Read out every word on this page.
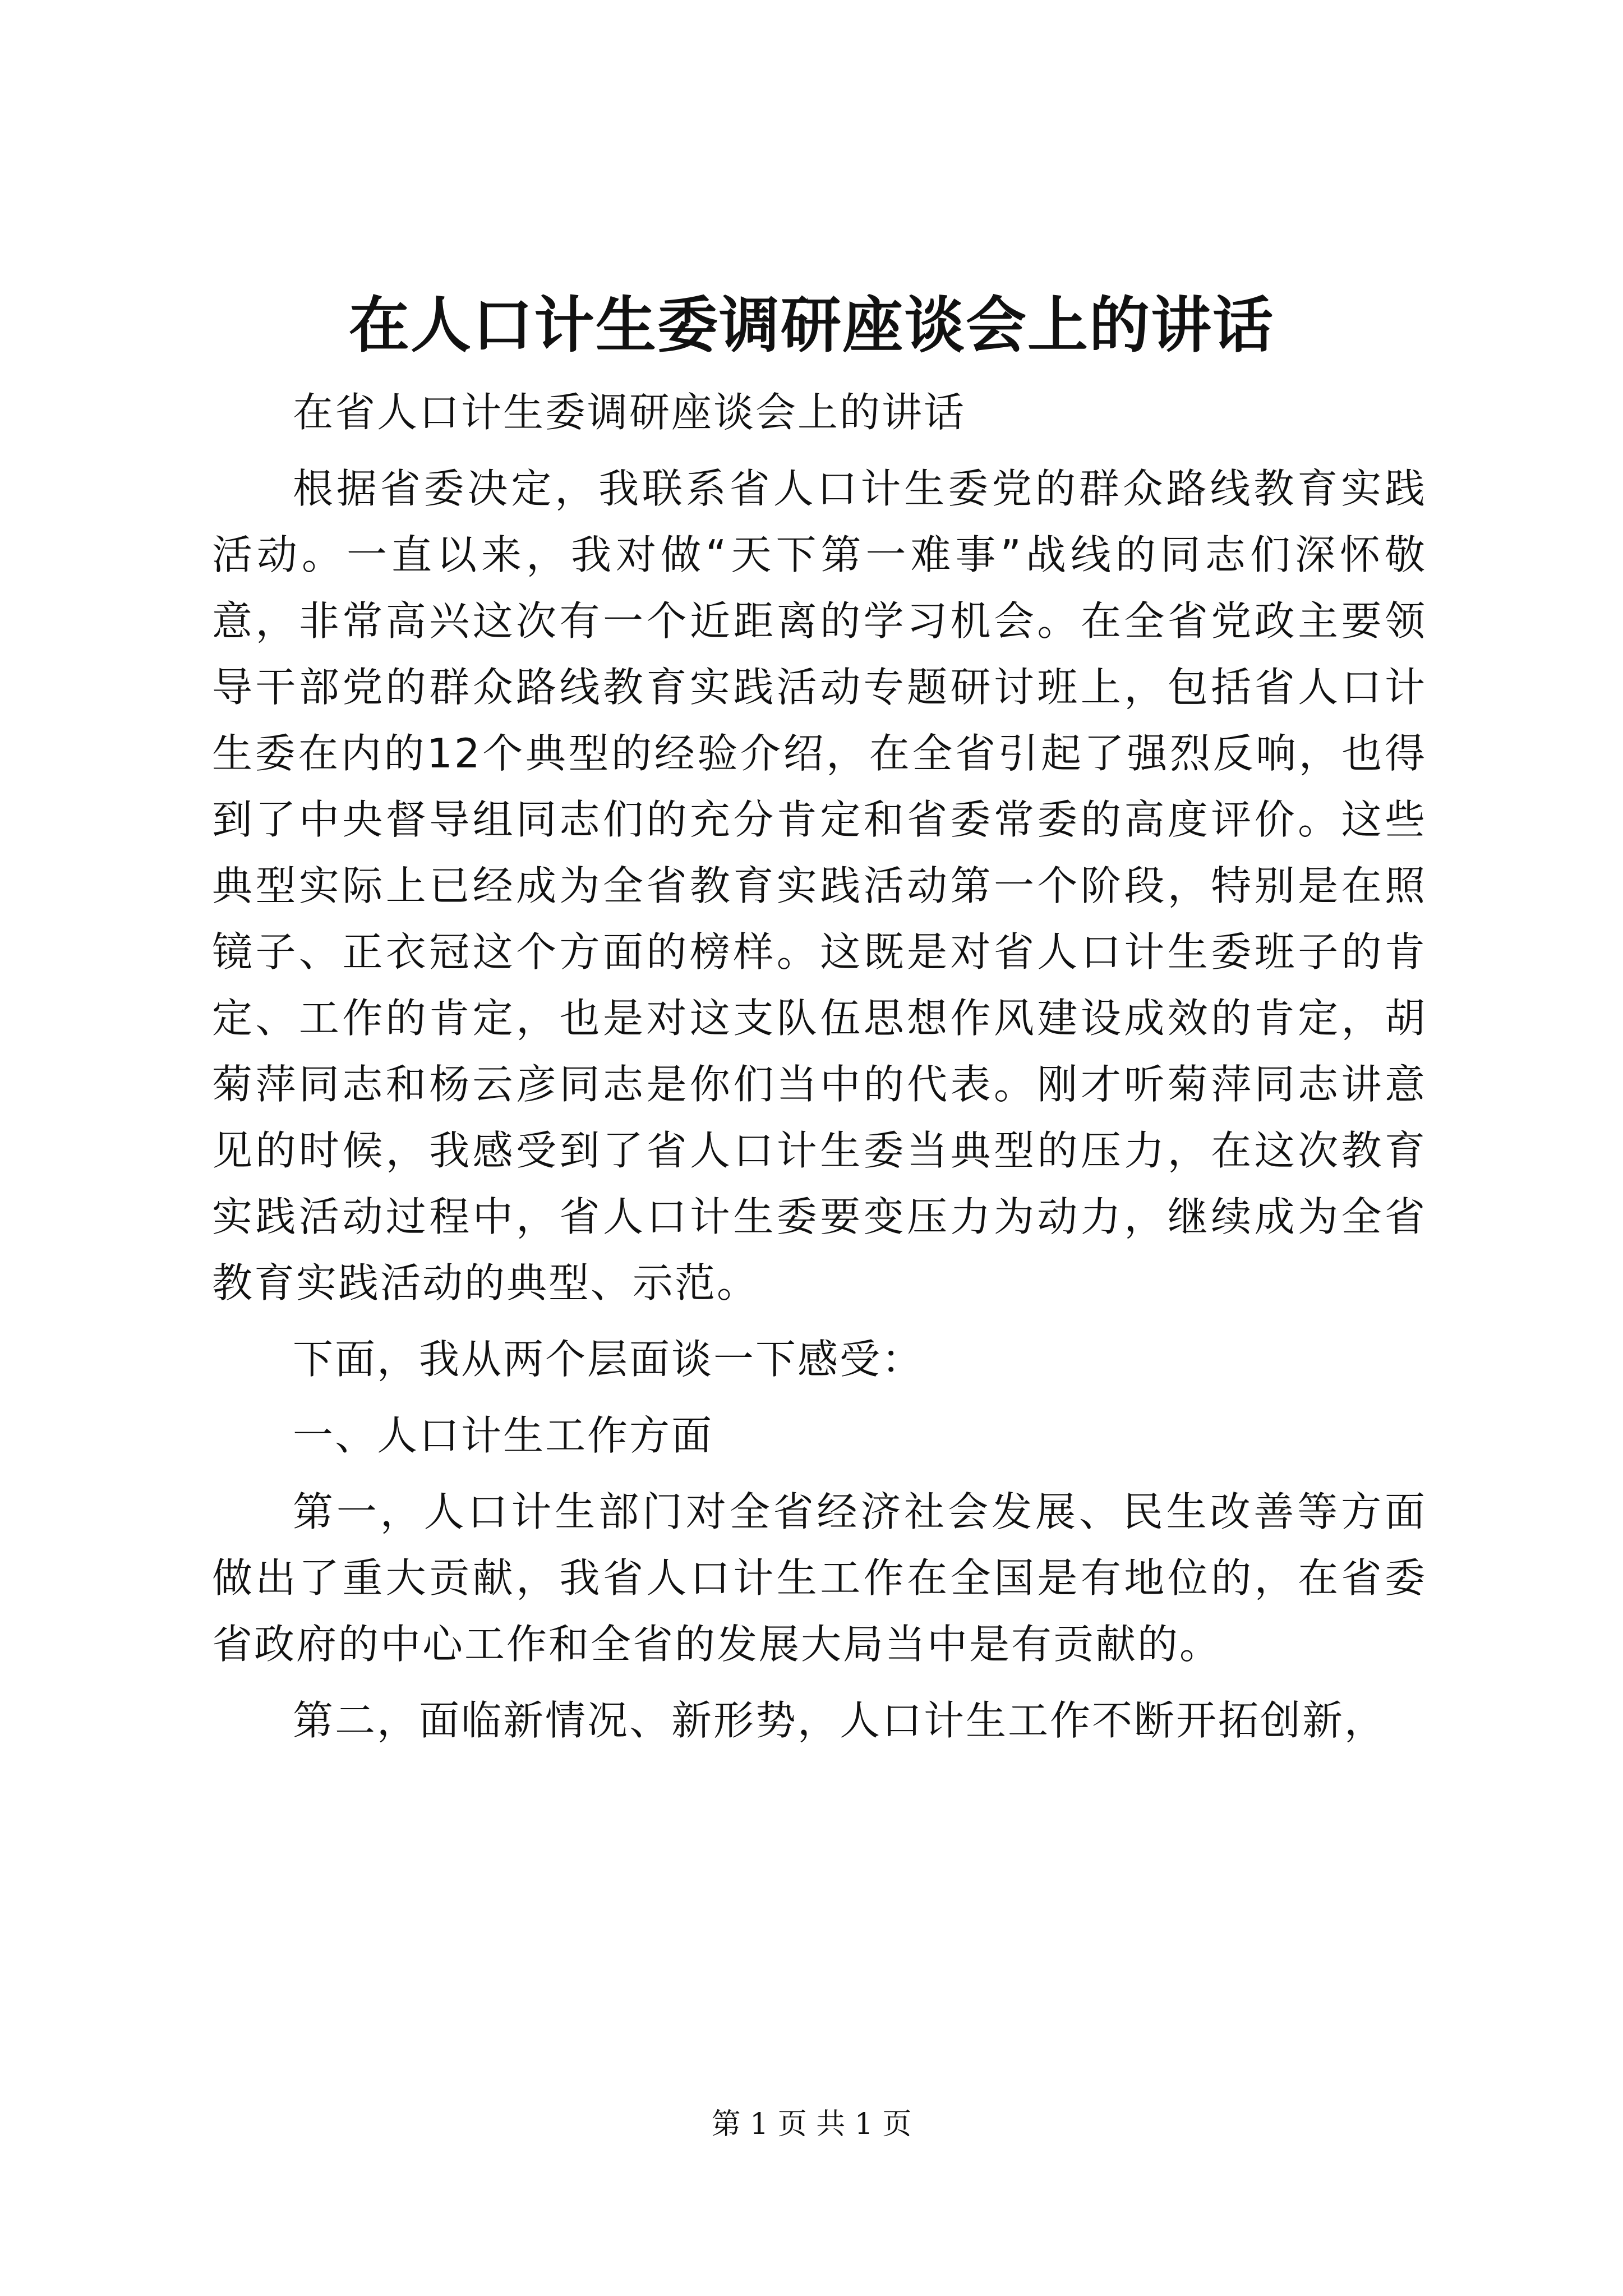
在人口计生委调研座谈会上的讲话

在省人口计生委调研座谈会上的讲话

根据省委决定，我联系省人口计生委党的群众路线教育实践活动。一直以来，我对做“天下第一难事”战线的同志们深怀敬意，非常高兴这次有一个近距离的学习机会。在全省党政主要领导干部党的群众路线教育实践活动专题研讨班上，包括省人口计生委在内的12个典型的经验介绍，在全省引起了强烈反响，也得到了中央督导组同志们的充分肯定和省委常委的高度评价。这些典型实际上已经成为全省教育实践活动第一个阶段，特别是在照镜子、正衣冠这个方面的榜样。这既是对省人口计生委班子的肯定、工作的肯定，也是对这支队伍思想作风建设成效的肯定，胡菊萍同志和杨云彦同志是你们当中的代表。刚才听菊萍同志讲意见的时候，我感受到了省人口计生委当典型的压力，在这次教育实践活动过程中，省人口计生委要变压力为动力，继续成为全省教育实践活动的典型、示范。

下面，我从两个层面谈一下感受：

一、人口计生工作方面

第一，人口计生部门对全省经济社会发展、民生改善等方面做出了重大贡献，我省人口计生工作在全国是有地位的，在省委省政府的中心工作和全省的发展大局当中是有贡献的。

第二，面临新情况、新形势，人口计生工作不断开拓创新，

第 1 页 共 1 页
